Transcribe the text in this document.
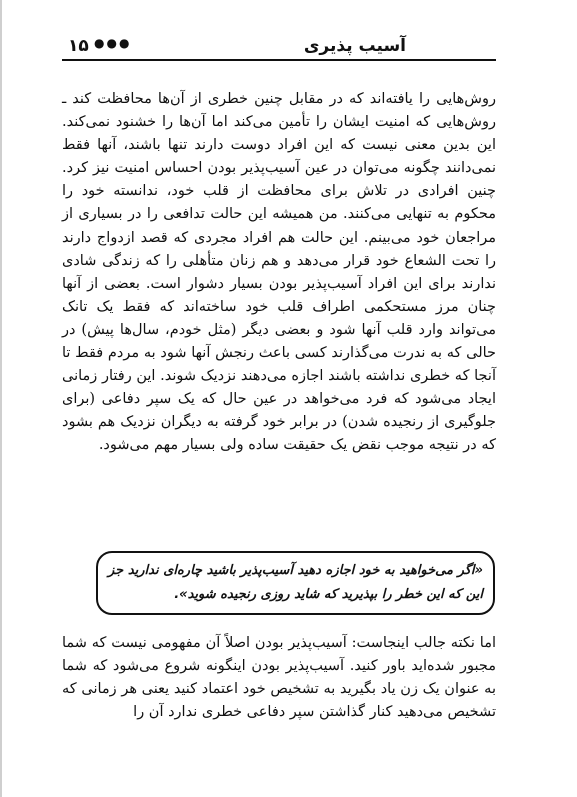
آسیب پذیری
●●●
۱۵

روش‌هایی را یافته‌اند که در مقابل چنین خطری از آن‌ها محافظت کند ـ روش‌هایی که امنیت ایشان را تأمین می‌کند اما آن‌ها را خشنود نمی‌کند. این بدین معنی نیست که این افراد دوست دارند تنها باشند، آنها فقط نمی‌دانند چگونه می‌توان در عین آسیب‌پذیر بودن احساس امنیت نیز کرد. چنین افرادی در تلاش برای محافظت از قلب خود، ندانسته خود را محکوم به تنهایی می‌کنند. من همیشه این حالت تدافعی را در بسیاری از مراجعان خود می‌بینم. این حالت هم افراد مجردی که قصد ازدواج دارند را تحت الشعاع خود قرار می‌دهد و هم زنان متأهلی را که زندگی شادی ندارند برای این افراد آسیب‌پذیر بودن بسیار دشوار است. بعضی از آنها چنان مرز مستحکمی اطراف قلب خود ساخته‌اند که فقط یک تانک می‌تواند وارد قلب آنها شود و بعضی دیگر (مثل خودم، سال‌ها پیش) در حالی که به ندرت می‌گذارند کسی باعث رنجش آنها شود به مردم فقط تا آنجا که خطری نداشته باشند اجازه می‌دهند نزدیک شوند. این رفتار زمانی ایجاد می‌شود که فرد می‌خواهد در عین حال که یک سپر دفاعی (برای جلوگیری از رنجیده شدن) در برابر خود گرفته به دیگران نزدیک هم بشود که در نتیجه موجب نقض یک حقیقت ساده ولی بسیار مهم می‌شود.

«اگر می‌خواهید به خود اجازه دهید آسیب‌پذیر باشید چاره‌ای ندارید جز این که این خطر را بپذیرید که شاید روزی رنجیده شوید».

اما نکته جالب اینجاست: آسیب‌پذیر بودن اصلاً آن مفهومی نیست که شما مجبور شده‌اید باور کنید. آسیب‌پذیر بودن اینگونه شروع می‌شود که شما به عنوان یک زن یاد بگیرید به تشخیص خود اعتماد کنید یعنی هر زمانی که تشخیص می‌دهید کنار گذاشتن سپر دفاعی خطری ندارد آن را
